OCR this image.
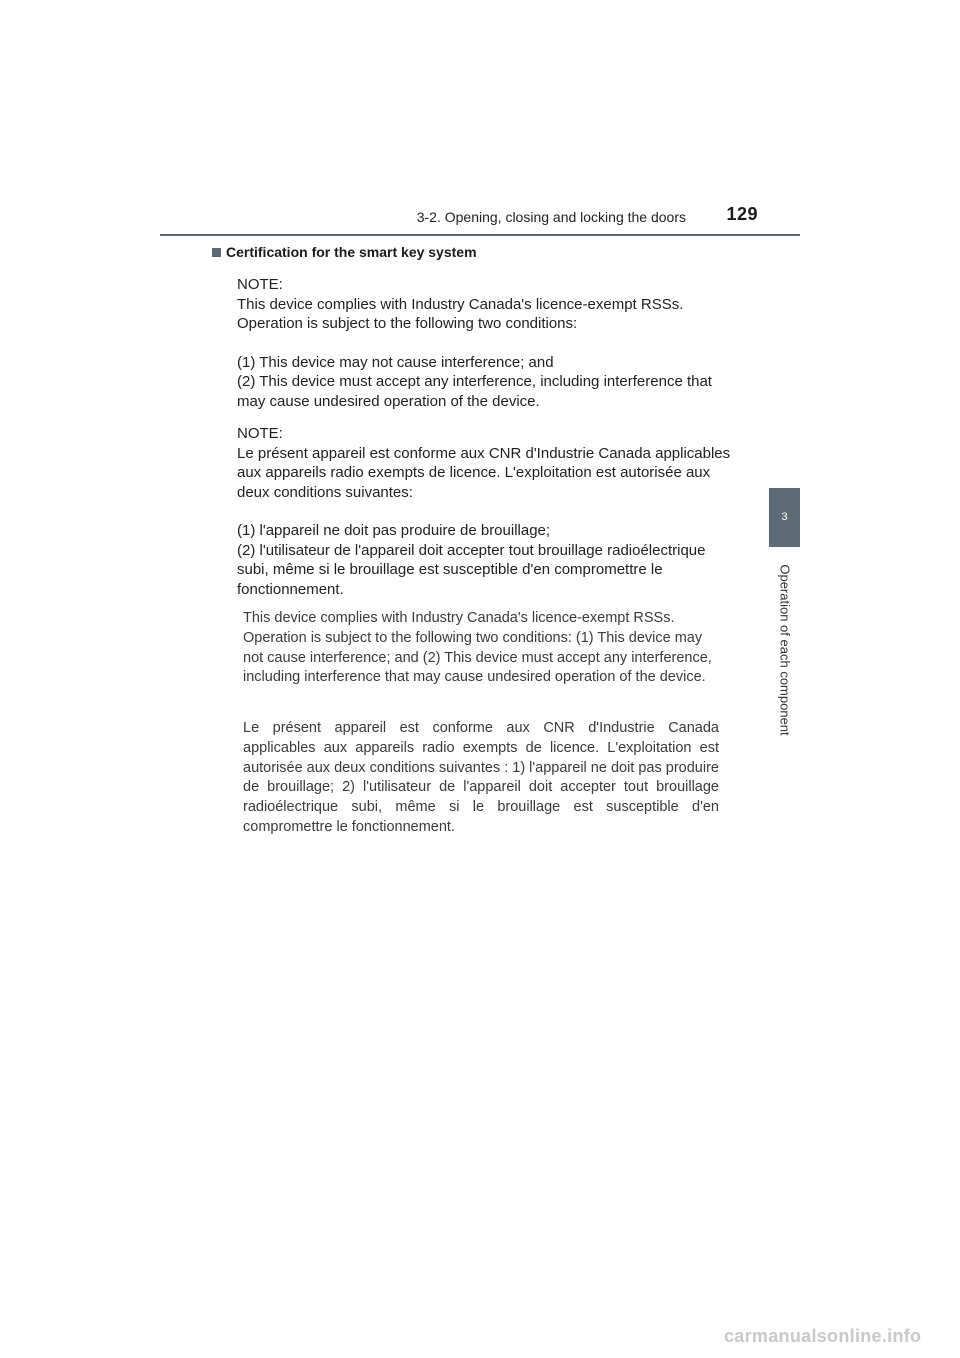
3-2. Opening, closing and locking the doors 129
3
Operation of each component
Certification for the smart key system

NOTE:

This device complies with Industry Canada's licence-exempt RSSs.
Operation is subject to the following two conditions:

(1) This device may not cause interference; and
(2) This device must accept any interference, including interference that may cause undesired operation of the device.

NOTE:

Le présent appareil est conforme aux CNR d'Industrie Canada applicables aux appareils radio exempts de licence. L'exploitation est autorisée aux deux conditions suivantes:

(1) l'appareil ne doit pas produire de brouillage;
(2) l'utilisateur de l'appareil doit accepter tout brouillage radioélectrique subi, même si le brouillage est susceptible d'en compromettre le fonctionnement.

This device complies with Industry Canada's licence-exempt RSSs. Operation is subject to the following two conditions: (1) This device may not cause interference; and (2) This device must accept any interference, including interference that may cause undesired operation of the device.
Le présent appareil est conforme aux CNR d'Industrie Canada applicables aux appareils radio exempts de licence. L'exploitation est autorisée aux deux conditions suivantes : 1) l'appareil ne doit pas produire de brouillage; 2) l'utilisateur de l'appareil doit accepter tout brouillage radioélectrique subi, même si le brouillage est susceptible d'en compromettre le fonctionnement.
carmanualsonline.info
